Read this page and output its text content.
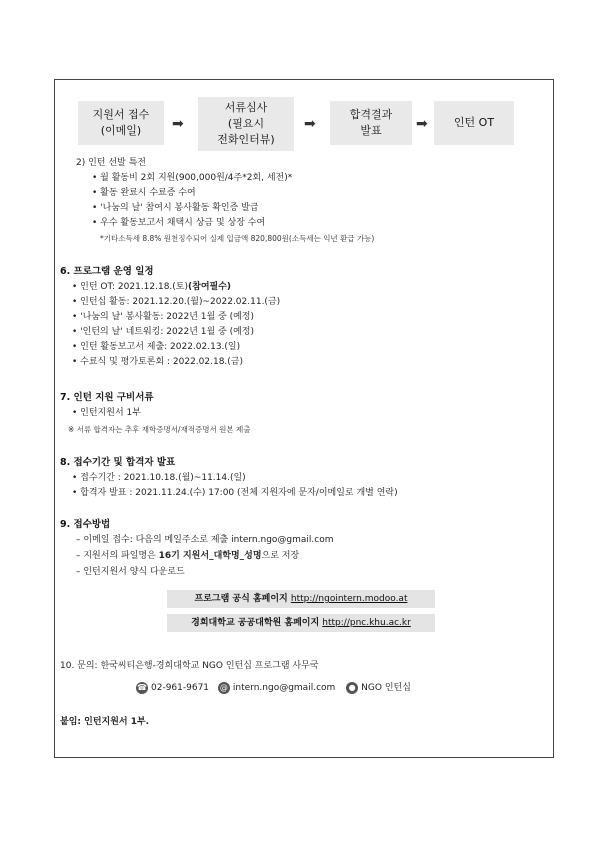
지원서 접수
(이메일) ➡
서류심사
(필요시
전화인터뷰)
➡
합격결과
발표 ➡ 인턴 OT
2) 인턴 선발 특전
• 월 활동비 2회 지원(900,000원/4주*2회, 세전)*
• 활동 완료시 수료증 수여
• '나눔의 날' 참여시 봉사활동 확인증 발급
• 우수 활동보고서 채택시 상금 및 상장 수여
*기타소득세 8.8% 원천징수되어 실제 입금액 820,800원(소득세는 익년 환급 가능)
6. 프로그램 운영 일정
• 인턴 OT: 2021.12.18.(토)(참여필수)
• 인턴십 활동: 2021.12.20.(월)~2022.02.11.(금)
• '나눔의 날' 봉사활동: 2022년 1월 중 (예정)
• '인턴의 날' 네트워킹: 2022년 1월 중 (예정)
• 인턴 활동보고서 제출: 2022.02.13.(일)
• 수료식 및 평가토론회 : 2022.02.18.(금)
7. 인턴 지원 구비서류
• 인턴지원서 1부
※ 서류 합격자는 추후 재학증명서/재적증명서 원본 제출
8. 접수기간 및 합격자 발표
• 접수기간 : 2021.10.18.(월)~11.14.(일)
• 합격자 발표 : 2021.11.24.(수) 17:00 (전체 지원자에 문자/이메일로 개별 연락)
9. 접수방법
– 이메일 접수: 다음의 메일주소로 제출 intern.ngo@gmail.com
– 지원서의 파일명은 16기 지원서_대학명_성명으로 저장
– 인턴지원서 양식 다운로드
프로그램 공식 홈페이지 http://ngointern.modoo.at
경희대학교 공공대학원 홈페이지 http://pnc.khu.ac.kr
10. 문의: 한국씨티은행-경희대학교 NGO 인턴십 프로그램 사무국
☎ 02-961-9671 @ intern.ngo@gmail.com ● NGO 인턴십
붙임: 인턴지원서 1부.
